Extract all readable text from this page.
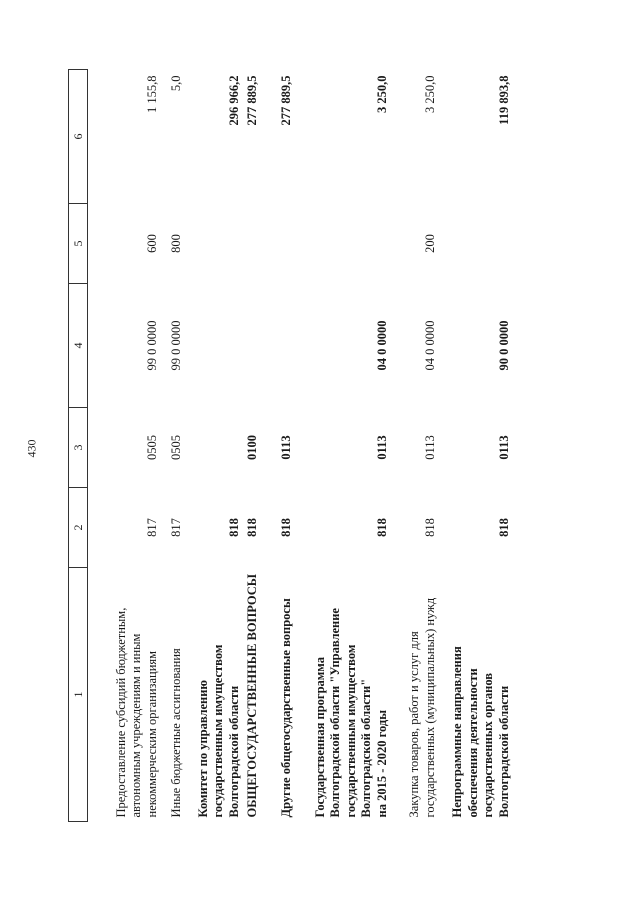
430
1	2	3	4	5	6
Предоставление субсидий бюджетным,
автономным учреждениям и иным
некоммерческим организациям	817	0505	99 0 0000	600	1 155,8
Иные бюджетные ассигнования	817	0505	99 0 0000	800	5,0
Комитет по управлению
государственным имуществом
Волгоградской области	818				296 966,2
ОБЩЕГОСУДАРСТВЕННЫЕ ВОПРОСЫ	818	0100			277 889,5
Другие общегосударственные вопросы	818	0113			277 889,5
Государственная программа
Волгоградской области "Управление
государственным имуществом
Волгоградской области"
на 2015 - 2020 годы	818	0113	04 0 0000		3 250,0
Закупка товаров, работ и услуг для
государственных (муниципальных) нужд	818	0113	04 0 0000	200	3 250,0
Непрограммные направления
обеспечения деятельности
государственных органов
Волгоградской области	818	0113	90 0 0000		119 893,8
